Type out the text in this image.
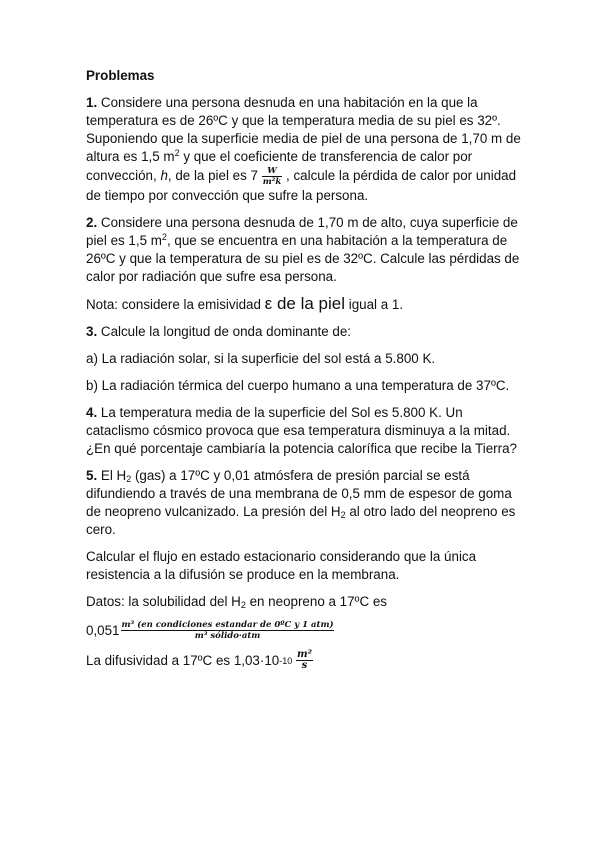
Problemas

1. Considere una persona desnuda en una habitación en la que la temperatura es de 26ºC y que la temperatura media de su piel es 32º. Suponiendo que la superficie media de piel de una persona de 1,70 m de altura es 1,5 $m^2$ y que el coeficiente de transferencia de calor por convección, h, de la piel es $7 \frac{W}{\text{m²k}}$ , calcule la pérdida de calor por unidad de tiempo por convección que sufre la persona.

2. Considere una persona desnuda de 1,70 m de alto, cuya superficie de piel es 1,5 $m^2$, que se encuentra en una habitación a la temperatura de 26ºC y que la temperatura de su piel es de 32ºC. Calcule las pérdidas de calor por radiación que sufre esa persona.

Nota: considere la emisividad ε de la piel igual a 1.

3. Calcule la longitud de onda dominante de:

a) La radiación solar, si la superficie del sol está a 5.800 K.

b) La radiación térmica del cuerpo humano a una temperatura de 37ºC.

4. La temperatura media de la superficie del Sol es 5.800 K. Un cataclismo cósmico provoca que esa temperatura disminuya a la mitad.¿En qué porcentaje cambiaría la potencia calorífica que recibe la Tierra?

5. El $H_2$ (gas) a 17ºC y 0,01 atmósfera de presión parcial se está difundiendo a través de una membrana de 0,5 mm de espesor de goma de neopreno vulcanizado. La presión del $H_2$ al otro lado del neopreno es cero.

Calcular el flujo en estado estacionario considerando que la única resistencia a la difusión se produce en la membrana.

Datos: la solubilidad del $H_2$ en neopreno a 17ºC es

$0,051 \frac{\text{m³ (en condiciones estandar de 0ºC y 1 atm)}}{\text{m³ sólido·atm}}$
La difusividad a 17ºC es 1,03·10 -10
$\frac{\text{m²}}{s}$
